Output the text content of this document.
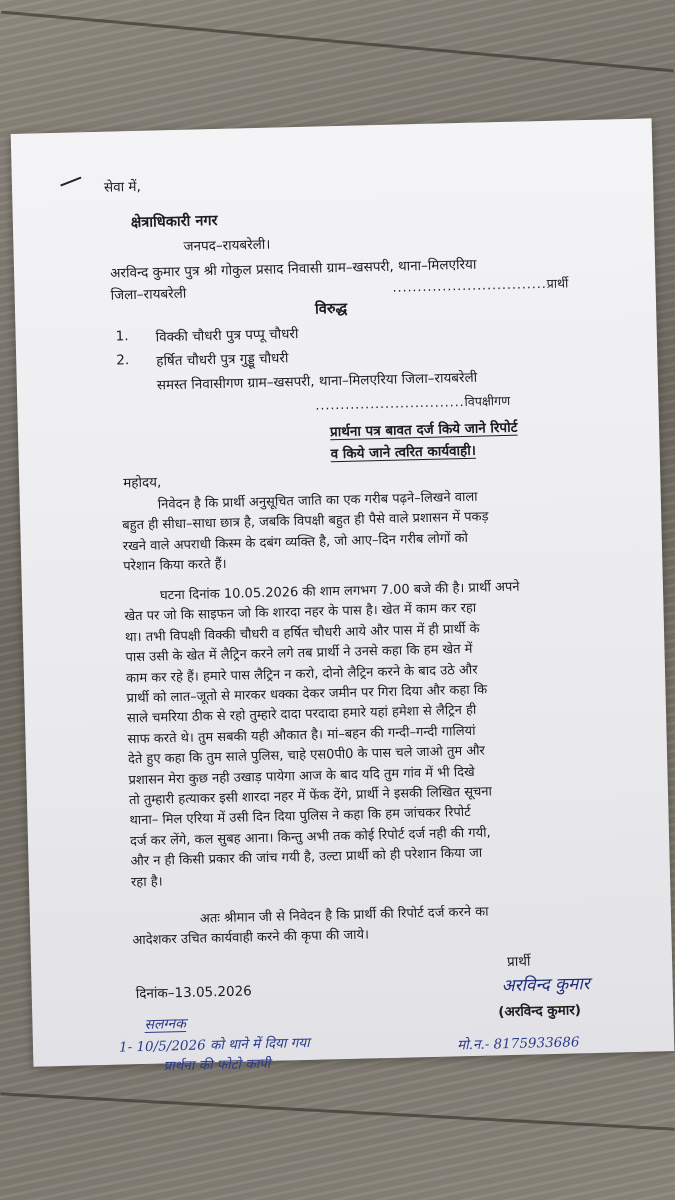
सेवा में,
क्षेत्राधिकारी नगर
जनपद–रायबरेली।
अरविन्द कुमार पुत्र श्री गोकुल प्रसाद निवासी ग्राम–खसपरी, थाना–मिलएरिया
जिला–रायबरेली	...............................प्रार्थी
विरुद्ध
1. विक्की चौधरी पुत्र पप्पू चौधरी
2. हर्षित चौधरी पुत्र गुड्डू चौधरी
समस्त निवासीगण ग्राम–खसपरी, थाना–मिलएरिया जिला–रायबरेली
..............................विपक्षीगण
प्रार्थना पत्र बावत दर्ज किये जाने रिपोर्ट
व किये जाने त्वरित कार्यवाही।
महोदय,

निवेदन है कि प्रार्थी अनुसूचित जाति का एक गरीब पढ़ने–लिखने वाला

बहुत ही सीधा–साधा छात्र है, जबकि विपक्षी बहुत ही पैसे वाले प्रशासन में पकड़

रखने वाले अपराधी किस्म के दबंग व्यक्ति है, जो आए–दिन गरीब लोगों को

परेशान किया करते हैं।

घटना दिनांक 10.05.2026 की शाम लगभग 7.00 बजे की है। प्रार्थी अपने

खेत पर जो कि साइफन जो कि शारदा नहर के पास है। खेत में काम कर रहा

था। तभी विपक्षी विक्की चौधरी व हर्षित चौधरी आये और पास में ही प्रार्थी के

पास उसी के खेत में लैट्रिन करने लगे तब प्रार्थी ने उनसे कहा कि हम खेत में

काम कर रहे हैं। हमारे पास लैट्रिन न करो, दोनो लैट्रिन करने के बाद उठे और

प्रार्थी को लात–जूतो से मारकर धक्का देकर जमीन पर गिरा दिया और कहा कि

साले चमरिया ठीक से रहो तुम्हारे दादा परदादा हमारे यहां हमेशा से लैट्रिन ही

साफ करते थे। तुम सबकी यही औकात है। मां–बहन की गन्दी–गन्दी गालियां

देते हुए कहा कि तुम साले पुलिस, चाहे एस0पी0 के पास चले जाओ तुम और

प्रशासन मेरा कुछ नही उखाड़ पायेगा आज के बाद यदि तुम गांव में भी दिखे

तो तुम्हारी हत्याकर इसी शारदा नहर में फेंक देंगे, प्रार्थी ने इसकी लिखित सूचना

थाना– मिल एरिया में उसी दिन दिया पुलिस ने कहा कि हम जांचकर रिपोर्ट

दर्ज कर लेंगे, कल सुबह आना। किन्तु अभी तक कोई रिपोर्ट दर्ज नही की गयी,

और न ही किसी प्रकार की जांच गयी है, उल्टा प्रार्थी को ही परेशान किया जा

रहा है।

अतः श्रीमान जी से निवेदन है कि प्रार्थी की रिपोर्ट दर्ज करने का

आदेशकर उचित कार्यवाही करने की कृपा की जाये।

प्रार्थी
दिनांक–13.05.2026	अरविन्द कुमार
(अरविन्द कुमार)
सलग्नक
1- 10/5/2026 को थाने में दिया गया
प्रार्थना की फोटो कापी
मो.न.- 8175933686
